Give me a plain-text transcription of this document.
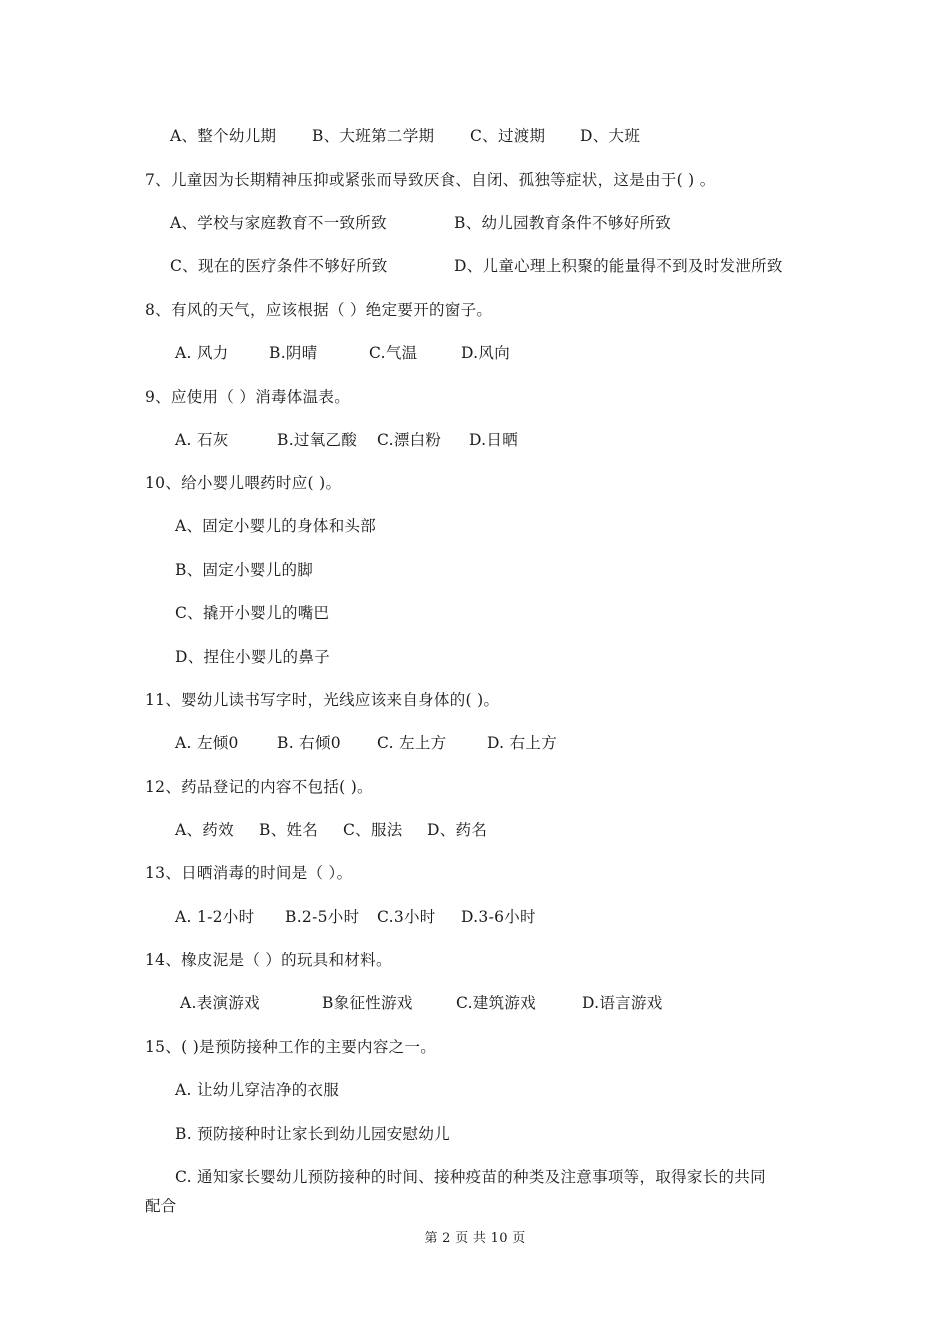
A、整个幼儿期 B、大班第二学期 C、过渡期 D、大班
7、儿童因为长期精神压抑或紧张而导致厌食、自闭、孤独等症状，这是由于( ) 。
A、学校与家庭教育不一致所致	B、幼儿园教育条件不够好所致
C、现在的医疗条件不够好所致	D、儿童心理上积聚的能量得不到及时发泄所致
8、有风的天气，应该根据（ ）绝定要开的窗子。
A. 风力	B.阴晴	C.气温	D.风向
9、应使用（ ）消毒体温表。
A. 石灰	B.过氧乙酸 C.漂白粉 D.日晒
10、给小婴儿喂药时应( )。
A、固定小婴儿的身体和头部
B、固定小婴儿的脚
C、撬开小婴儿的嘴巴
D、捏住小婴儿的鼻子
11、婴幼儿读书写字时，光线应该来自身体的( )。
A. 左倾0 B. 右倾0 C. 左上方	D. 右上方
12、药品登记的内容不包括( )。
A、药效 B、姓名 C、服法 D、药名
13、日晒消毒的时间是（ ）。
A. 1-2小时 B.2-5小时 C.3小时 D.3-6小时
14、橡皮泥是（ ）的玩具和材料。
A.表演游戏	B象征性游戏	C.建筑游戏	D.语言游戏
15、( )是预防接种工作的主要内容之一。
A. 让幼儿穿洁净的衣服
B. 预防接种时让家长到幼儿园安慰幼儿
C. 通知家长婴幼儿预防接种的时间、接种疫苗的种类及注意事项等，取得家长的共同
配合
第 2 页 共 10 页
